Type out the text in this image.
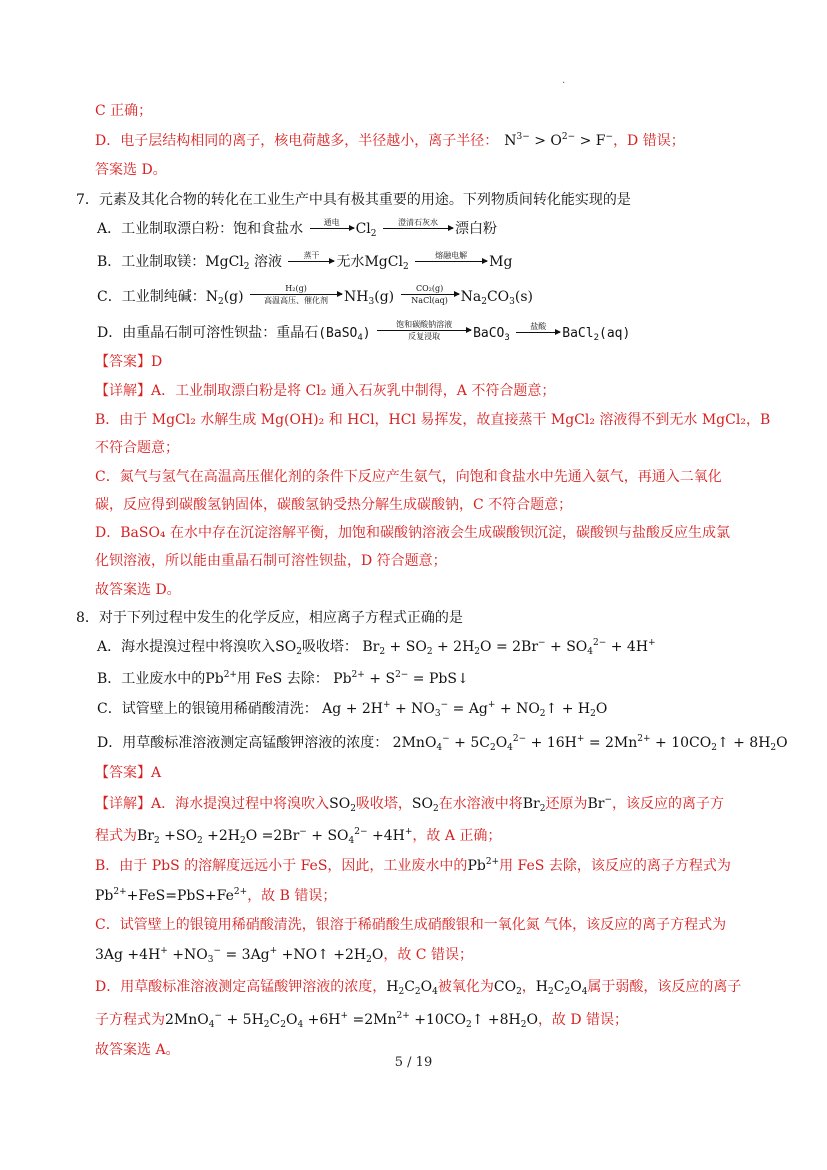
·
C 正确；
D．电子层结构相同的离子，核电荷越多，半径越小，离子半径： $N^{3-} > O^{2-} > F^-$，D 错误；
答案选 D。
7．元素及其化合物的转化在工业生产中具有极其重要的用途。下列物质间转化能实现的是
A．工业制取漂白粉：饱和食盐水	通电	$Cl_2$
澄清石灰水	漂白粉
B．工业制取镁：MgCl$_2$ 溶液	蒸干	无水MgCl$_2$
熔融电解	Mg
C．工业制纯碱：$N_2(g)$
H₂(g)
高温高压、催化剂	$NH_3(g)$
CO₂(g)
NaCl(aq) $Na_2CO_3(s)$
D．由重晶石制可溶性钡盐：重晶石(BaSO$_4$)
饱和碳酸钠溶液
反复浸取	BaCO$_3$
盐酸	BaCl$_2$(aq)
【答案】D
【详解】A．工业制取漂白粉是将 Cl₂ 通入石灰乳中制得，A 不符合题意；
B．由于 MgCl₂ 水解生成 Mg(OH)₂ 和 HCl，HCl 易挥发，故直接蒸干 MgCl₂ 溶液得不到无水 MgCl₂，B
不符合题意；
C．氮气与氢气在高温高压催化剂的条件下反应产生氨气，向饱和食盐水中先通入氨气，再通入二氧化
碳，反应得到碳酸氢钠固体，碳酸氢钠受热分解生成碳酸钠，C 不符合题意；
D．BaSO₄ 在水中存在沉淀溶解平衡，加饱和碳酸钠溶液会生成碳酸钡沉淀，碳酸钡与盐酸反应生成氯
化钡溶液，所以能由重晶石制可溶性钡盐，D 符合题意；
故答案选 D。
8．对于下列过程中发生的化学反应，相应离子方程式正确的是
A．海水提溴过程中将溴吹入$SO_2$吸收塔： $Br_2 + SO_2 + 2H_2O = 2Br^- + SO_4^{2-} + 4H^+$
B．工业废水中的$Pb^{2+}$用 FeS 去除： $Pb^{2+} + S^{2-}$ = PbS↓
C．试管壁上的银镜用稀硝酸清洗： $Ag + 2H^+ + NO_3^- = Ag^+$ + $NO_2↑ + H_2O$
D．用草酸标准溶液测定高锰酸钾溶液的浓度： $2MnO_4^- + 5C_2O_4^{2-} + 16H^+ = 2Mn^{2+}$ + $10CO_2↑ + 8H_2O$
【答案】A
【详解】A．海水提溴过程中将溴吹入$SO_2$吸收塔，$SO_2$在水溶液中将$Br_2$还原为Br−，该反应的离子方
程式为$Br_2 +SO_2 +2H_2O =2Br^- + SO_4^{2-} +4H^+$，故 A 正确；
B．由于 PbS 的溶解度远远小于 FeS，因此，工业废水中的$Pb^{2+}$用 FeS 去除，该反应的离子方程式为
$Pb^{2+}+FeS=PbS+Fe^{2+}$，故 B 错误；
C．试管壁上的银镜用稀硝酸清洗，银溶于稀硝酸生成硝酸银和一氧化氮 气体，该反应的离子方程式为
$3Ag +4H^+ +NO_3^- = 3Ag^+$ +NO↑ $+2H_2O$，故 C 错误；
D．用草酸标准溶液测定高锰酸钾溶液的浓度，$H_2C_2O_4$被氧化为$CO_2$，$H_2C_2O_4$属于弱酸，该反应的离子
子方程式为$2MnO_4^- + 5H_2C_2O_4 +6H^+ =2Mn^{2+}$ $+10CO_2↑ +8H_2O$，故 D 错误；
故答案选 A。
5 / 19
